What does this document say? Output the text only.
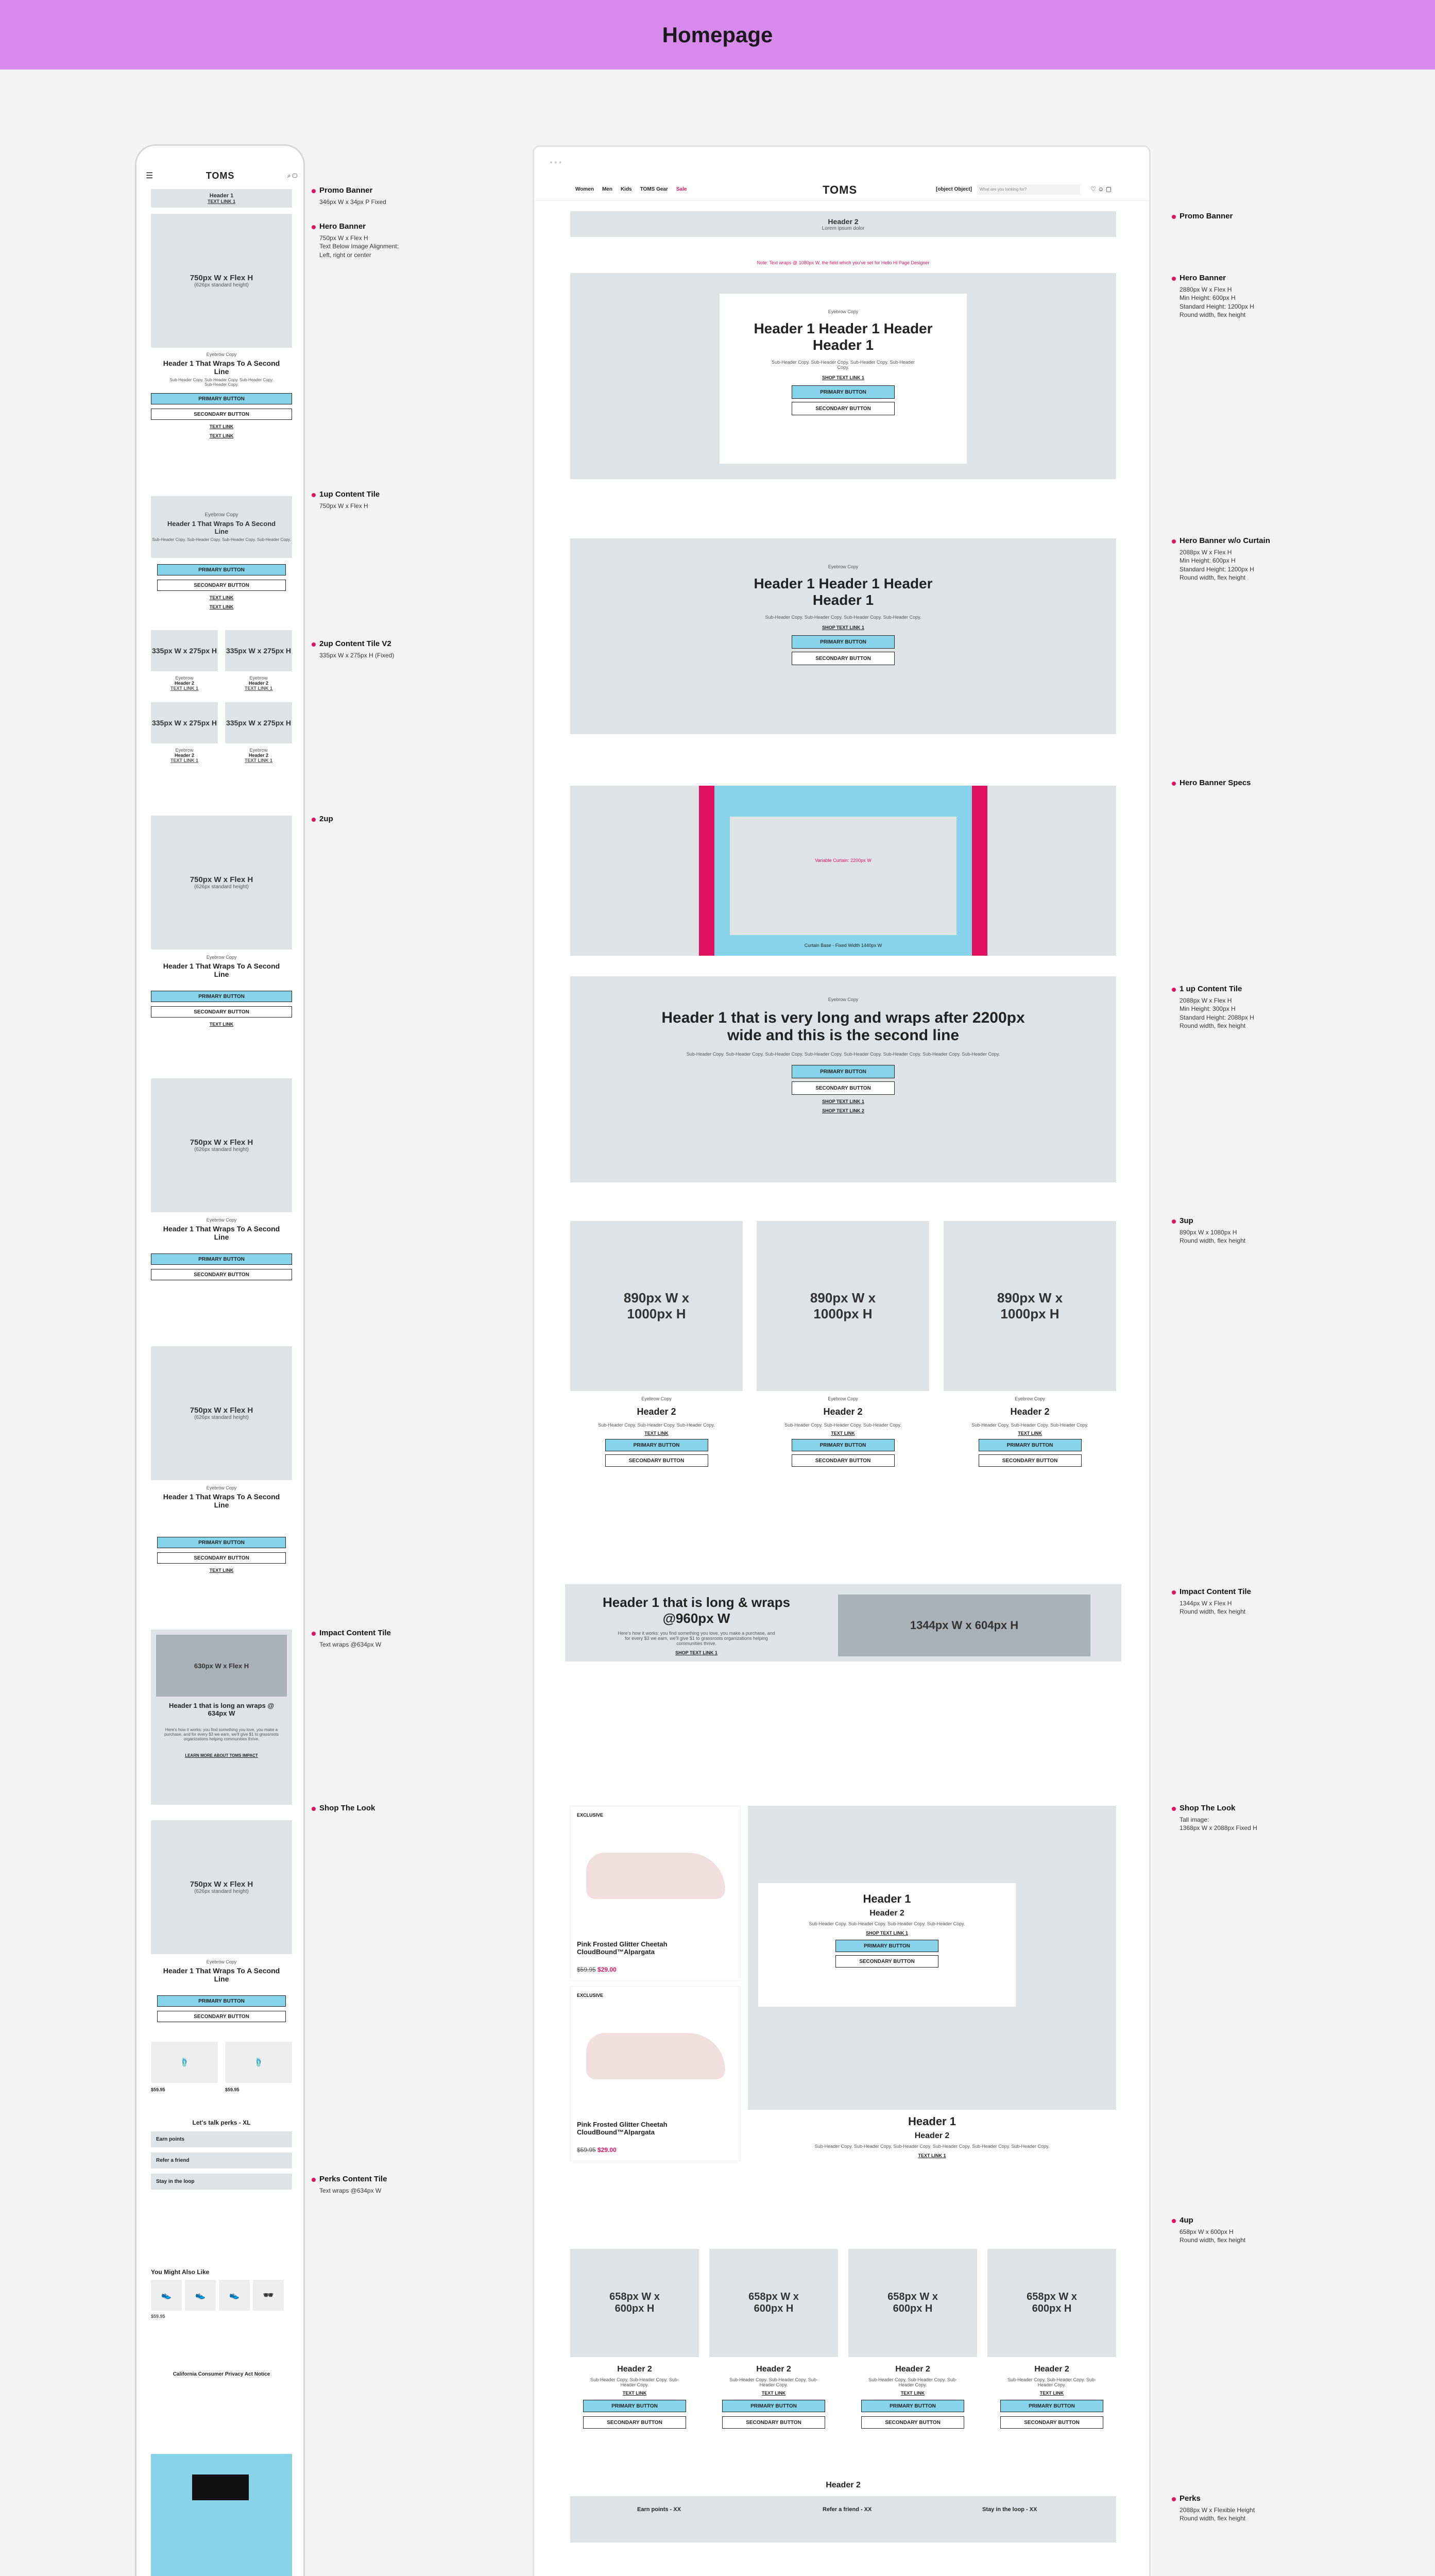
Homepage
☰	TOMS	⌕ ▢
Header 1
TEXT LINK 1
750px W x Flex H
(626px standard height)
Eyebrow Copy
Header 1 That Wraps To A Second Line
Sub-Header Copy. Sub-Header Copy. Sub-Header Copy. Sub-Header Copy.
PRIMARY BUTTON
SECONDARY BUTTON
TEXT LINK
TEXT LINK
Eyebrow Copy
Header 1 That Wraps To A Second Line
Sub-Header Copy. Sub-Header Copy. Sub-Header Copy. Sub-Header Copy.
PRIMARY BUTTON
SECONDARY BUTTON
TEXT LINK
TEXT LINK
335px W x 275px H 335px W x 275px H
Eyebrow
Header 2
TEXT LINK 1
Eyebrow
Header 2
TEXT LINK 1
335px W x 275px H 335px W x 275px H
Eyebrow
Header 2
TEXT LINK 1
Eyebrow
Header 2
TEXT LINK 1
750px W x Flex H
(626px standard height)
Eyebrow Copy
Header 1 That Wraps To A Second Line
PRIMARY BUTTON
SECONDARY BUTTON
TEXT LINK
750px W x Flex H
(626px standard height)
Eyebrow Copy
Header 1 That Wraps To A Second Line
PRIMARY BUTTON
SECONDARY BUTTON
750px W x Flex H
(626px standard height)
Eyebrow Copy
Header 1 That Wraps To A Second Line
PRIMARY BUTTON
SECONDARY BUTTON
TEXT LINK
630px W x Flex H
Header 1 that is long an wraps @ 634px W
Here's how it works: you find something you love, you make a purchase, and for every $3 we earn, we'll give $1 to grassroots organizations helping communities thrive.
LEARN MORE ABOUT TOMS IMPACT
750px W x Flex H
(626px standard height)
Eyebrow Copy
Header 1 That Wraps To A Second Line
PRIMARY BUTTON
SECONDARY BUTTON
🩴	🩴
$59.95	$59.95
Let's talk perks - XL
Earn points
Refer a friend
Stay in the loop
You Might Also Like
👟	👟	👟	🕶
$59.95
California Consumer Privacy Act Notice
● ● ●
Women Men Kids TOMS Gear Sale	TOMS	[object Object]	What are you looking for?	♡ ☺ ▢
Header 2
Lorem ipsum dolor
Note: Text wraps @ 1080px W, the field which you've set for Hello Hi Page Designer
Eyebrow Copy
Header 1 Header 1 Header Header 1
Sub-Header Copy. Sub-Header Copy. Sub-Header Copy. Sub-Header Copy.
SHOP TEXT LINK 1
PRIMARY BUTTON
SECONDARY BUTTON
Eyebrow Copy
Header 1 Header 1 Header Header 1
Sub-Header Copy. Sub-Header Copy. Sub-Header Copy. Sub-Header Copy.
SHOP TEXT LINK 1
PRIMARY BUTTON
SECONDARY BUTTON
Variable Curtain: 2200px W
Curtain Base - Fixed Width 1440px W
Eyebrow Copy
Header 1 that is very long and wraps after 2200px wide and this is the second line
Sub-Header Copy. Sub-Header Copy. Sub-Header Copy. Sub-Header Copy. Sub-Header Copy. Sub-Header Copy. Sub-Header Copy. Sub-Header Copy.
PRIMARY BUTTON
SECONDARY BUTTON
SHOP TEXT LINK 1
SHOP TEXT LINK 2
890px W x 1000px H
890px W x 1000px H
890px W x 1000px H
Eyebrow Copy
Header 2
Sub-Header Copy. Sub-Header Copy. Sub-Header Copy.
TEXT LINK
PRIMARY BUTTON
SECONDARY BUTTON
Eyebrow Copy
Header 2
Sub-Header Copy. Sub-Header Copy. Sub-Header Copy.
TEXT LINK
PRIMARY BUTTON
SECONDARY BUTTON
Eyebrow Copy
Header 2
Sub-Header Copy. Sub-Header Copy. Sub-Header Copy.
TEXT LINK
PRIMARY BUTTON
SECONDARY BUTTON
Header 1 that is long & wraps @960px W
Here's how it works: you find something you love, you make a purchase, and for every $3 we earn, we'll give $1 to grassroots organizations helping communities thrive.
SHOP TEXT LINK 1
1344px W x 604px H
EXCLUSIVE
Pink Frosted Glitter Cheetah CloudBound™Alpargata
$59.95 $29.00
EXCLUSIVE
Pink Frosted Glitter Cheetah CloudBound™Alpargata
$59.95 $29.00
Header 1
Header 2
Sub-Header Copy. Sub-Header Copy. Sub-Header Copy. Sub-Header Copy.
SHOP TEXT LINK 1
PRIMARY BUTTON
SECONDARY BUTTON
Header 1
Header 2
Sub-Header Copy. Sub-Header Copy. Sub-Header Copy. Sub-Header Copy. Sub-Header Copy. Sub-Header Copy.
TEXT LINK 1
658px W x 600px H
658px W x 600px H
658px W x 600px H
658px W x 600px H
Header 2
Sub-Header Copy. Sub-Header Copy. Sub-Header Copy.
TEXT LINK
PRIMARY BUTTON
SECONDARY BUTTON
Header 2
Sub-Header Copy. Sub-Header Copy. Sub-Header Copy.
TEXT LINK
PRIMARY BUTTON
SECONDARY BUTTON
Header 2
Sub-Header Copy. Sub-Header Copy. Sub-Header Copy.
TEXT LINK
PRIMARY BUTTON
SECONDARY BUTTON
Header 2
Sub-Header Copy. Sub-Header Copy. Sub-Header Copy.
TEXT LINK
PRIMARY BUTTON
SECONDARY BUTTON
Header 2
Earn points - XX	Refer a friend - XX	Stay in the loop - XX
Promo Banner
346px W x 34px P Fixed
Hero Banner
750px W x Flex H
Text Below Image Alignment:
Left, right or center
1up Content Tile
750px W x Flex H
2up Content Tile V2
335px W x 275px H (Fixed)
2up
Impact Content Tile
Text wraps @634px W
Shop The Look
Perks Content Tile
Text wraps @634px W
Promo Banner
Hero Banner
2880px W x Flex H
Min Height: 600px H
Standard Height: 1200px H
Round width, flex height
Hero Banner w/o Curtain
2088px W x Flex H
Min Height: 600px H
Standard Height: 1200px H
Round width, flex height
Hero Banner Specs
1 up Content Tile
2088px W x Flex H
Min Height: 300px H
Standard Height: 2088px H
Round width, flex height
3up
890px W x 1080px H
Round width, flex height
Impact Content Tile
1344px W x Flex H
Round width, flex height
Shop The Look
Tall image:
1368px W x 2088px Fixed H
4up
658px W x 600px H
Round width, flex height
Perks
2088px W x Flexible Height
Round width, flex height
